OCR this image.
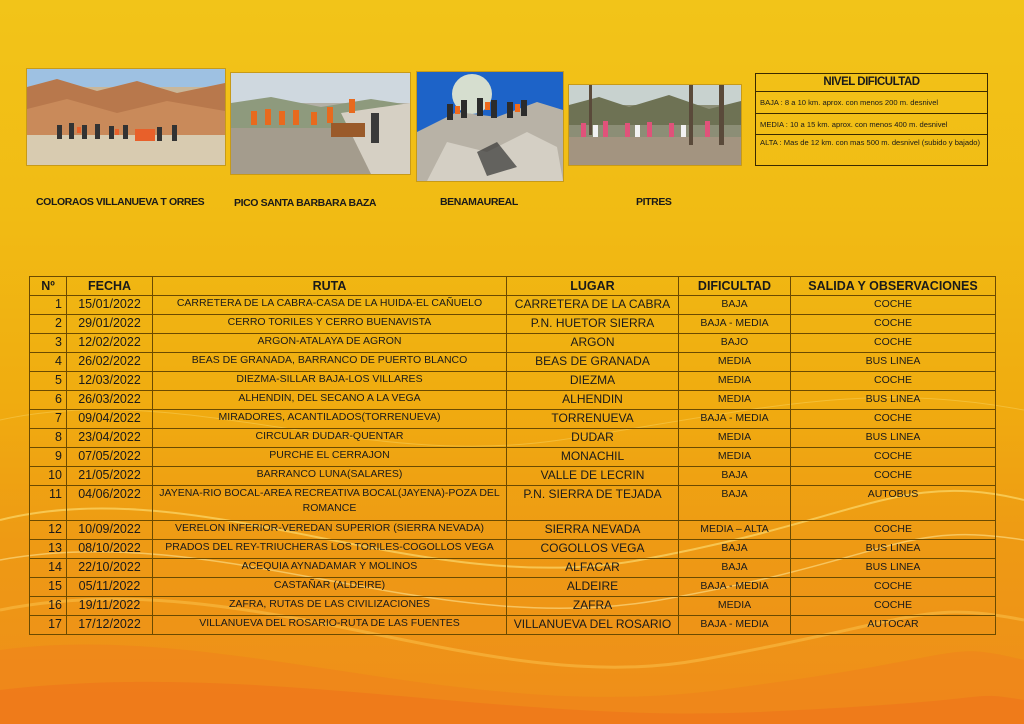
COLORAOS VILLANUEVA T ORRES	PICO SANTA BARBARA BAZA	BENAMAUREAL	PITRES
NIVEL DIFICULTAD
BAJA : 8 a 10 km. aprox. con menos 200 m. desnivel
MEDIA : 10 a 15 km. aprox. con menos 400 m. desnivel
ALTA : Mas de 12 km. con mas 500 m. desnivel (subido y bajado)
Nº	FECHA	RUTA	LUGAR	DIFICULTAD	SALIDA Y OBSERVACIONES
1	15/01/2022	CARRETERA DE LA CABRA-CASA DE LA HUIDA-EL CAÑUELO	CARRETERA DE LA CABRA	BAJA	COCHE
2	29/01/2022	CERRO TORILES Y CERRO BUENAVISTA	P.N. HUETOR SIERRA	BAJA - MEDIA	COCHE
3	12/02/2022	ARGON-ATALAYA DE AGRON	ARGON	BAJO	COCHE
4	26/02/2022	BEAS DE GRANADA, BARRANCO DE PUERTO BLANCO	BEAS DE GRANADA	MEDIA	BUS LINEA
5	12/03/2022	DIEZMA-SILLAR BAJA-LOS VILLARES	DIEZMA	MEDIA	COCHE
6	26/03/2022	ALHENDIN, DEL SECANO A LA VEGA	ALHENDIN	MEDIA	BUS LINEA
7	09/04/2022	MIRADORES, ACANTILADOS(TORRENUEVA)	TORRENUEVA	BAJA - MEDIA	COCHE
8	23/04/2022	CIRCULAR DUDAR-QUENTAR	DUDAR	MEDIA	BUS LINEA
9	07/05/2022	PURCHE EL CERRAJON	MONACHIL	MEDIA	COCHE
10	21/05/2022	BARRANCO LUNA(SALARES)	VALLE DE LECRIN	BAJA	COCHE
11	04/06/2022	JAYENA-RIO BOCAL-AREA RECREATIVA BOCAL(JAYENA)-POZA DEL ROMANCE	P.N. SIERRA DE TEJADA	BAJA	AUTOBUS
12	10/09/2022	VERELON INFERIOR-VEREDAN SUPERIOR (SIERRA NEVADA)	SIERRA NEVADA	MEDIA – ALTA	COCHE
13	08/10/2022	PRADOS DEL REY-TRIUCHERAS LOS TORILES-COGOLLOS VEGA	COGOLLOS VEGA	BAJA	BUS LINEA
14	22/10/2022	ACEQUIA AYNADAMAR Y MOLINOS	ALFACAR	BAJA	BUS LINEA
15	05/11/2022	CASTAÑAR (ALDEIRE)	ALDEIRE	BAJA - MEDIA	COCHE
16	19/11/2022	ZAFRA, RUTAS DE LAS CIVILIZACIONES	ZAFRA	MEDIA	COCHE
17	17/12/2022	VILLANUEVA DEL ROSARIO-RUTA DE LAS FUENTES	VILLANUEVA DEL ROSARIO	BAJA - MEDIA	AUTOCAR
